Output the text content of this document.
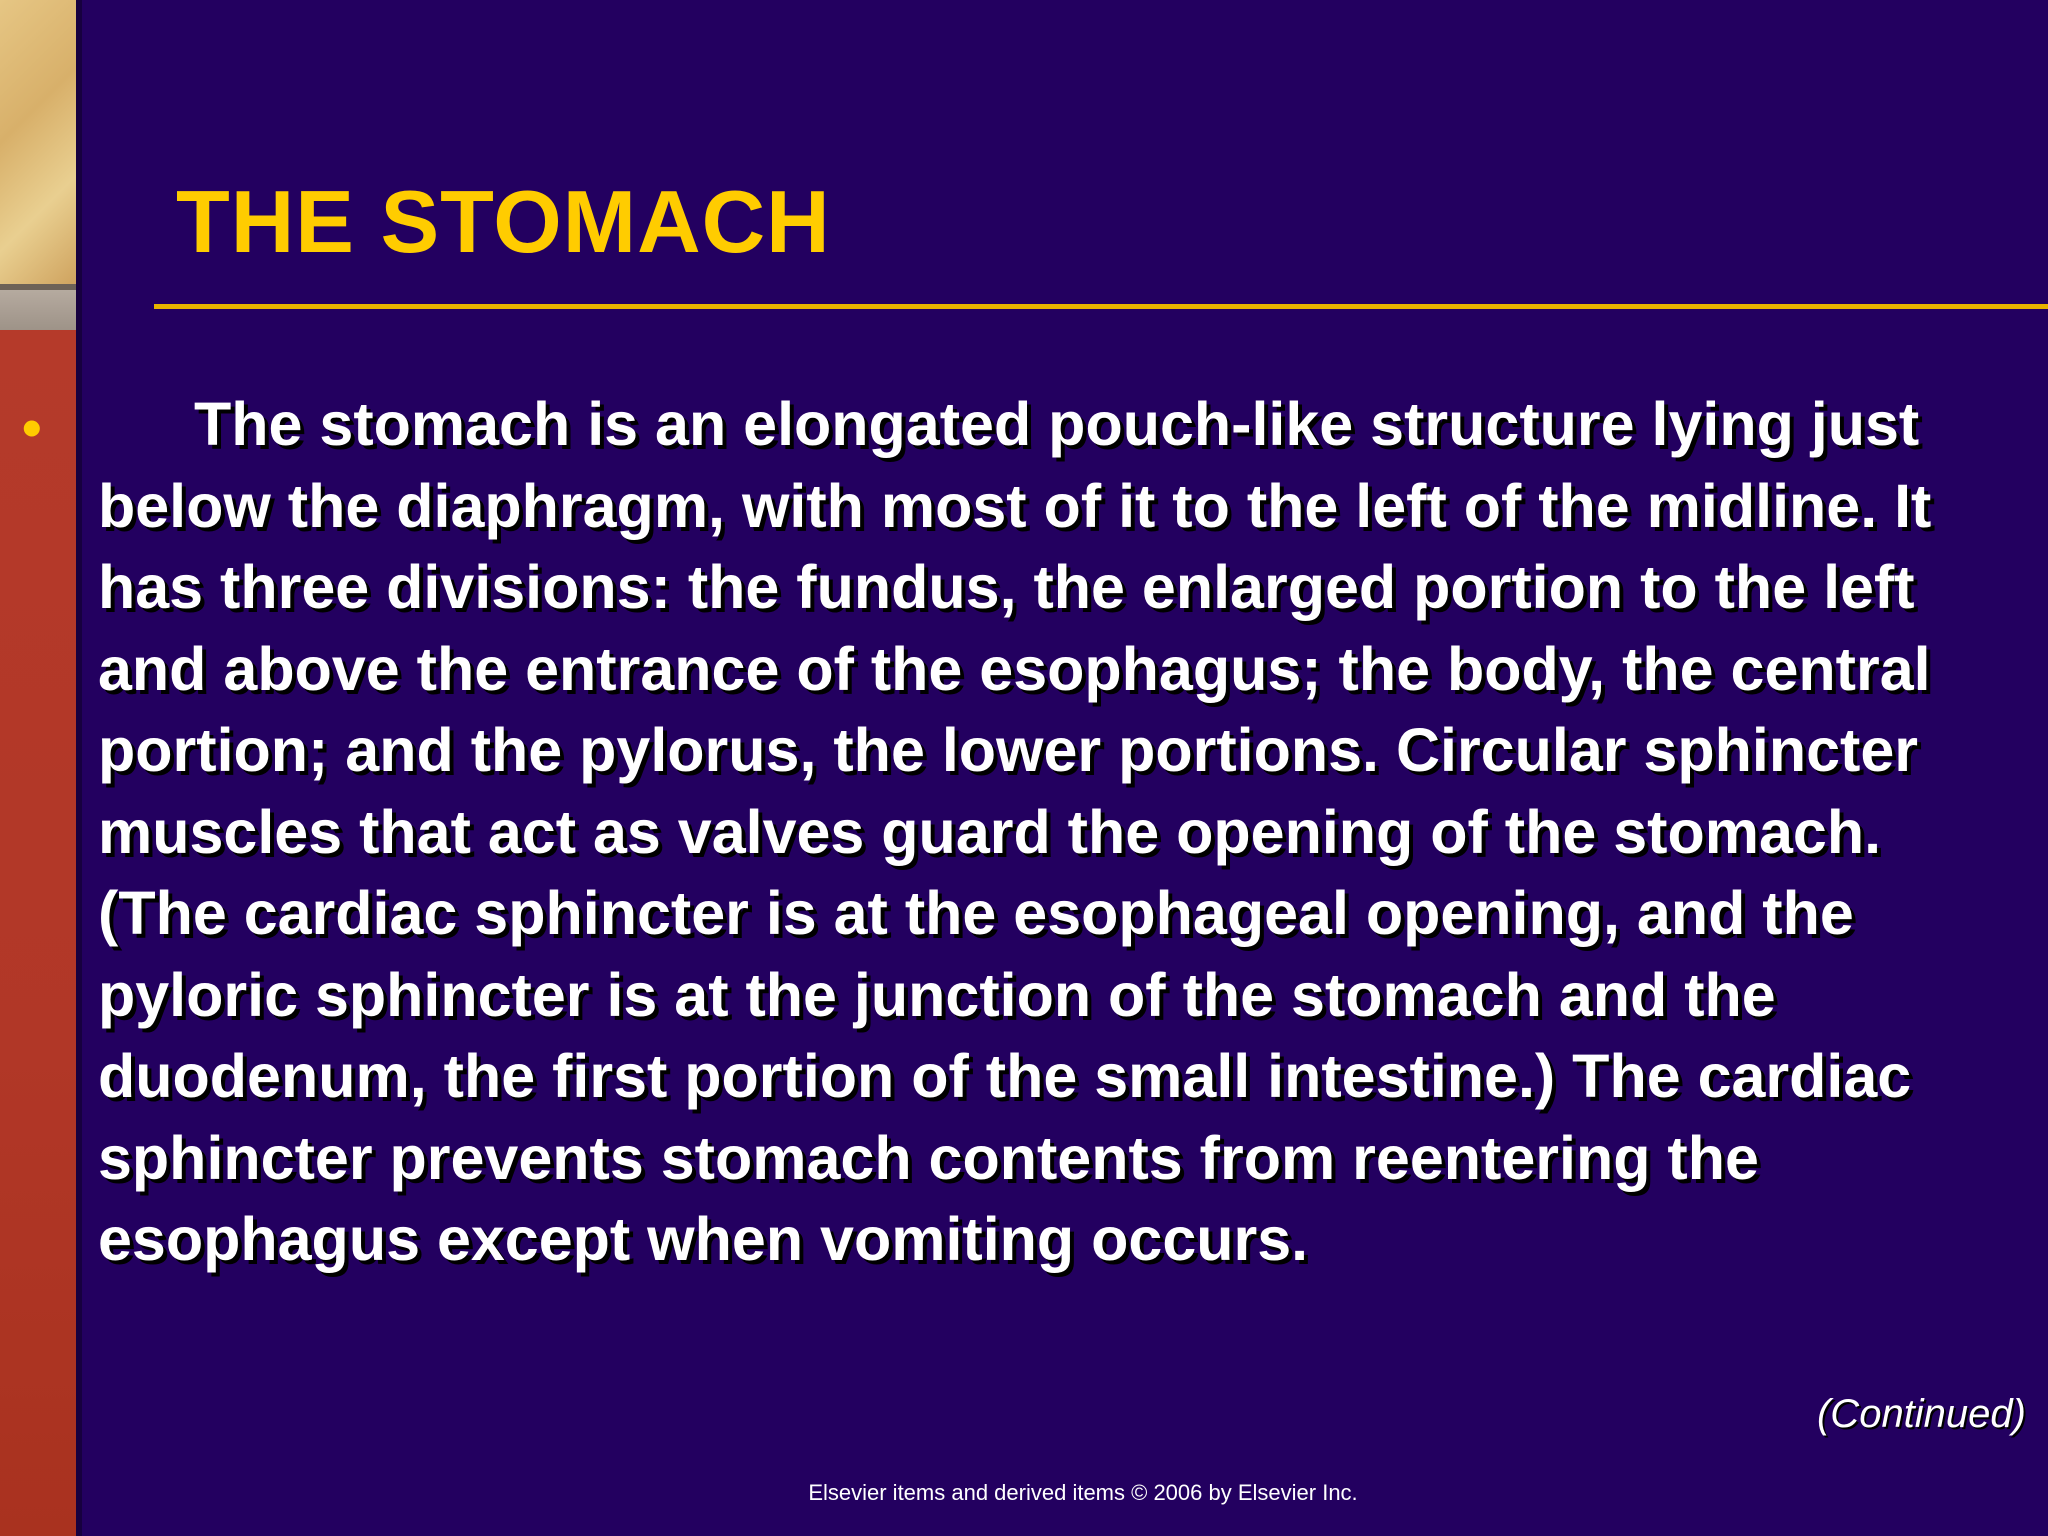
THE STOMACH
•	The stomach is an elongated pouch-like structure lying just below the diaphragm, with most of it to the left of the midline. It has three divisions: the fundus, the enlarged portion to the left and above the entrance of the esophagus; the body, the central portion; and the pylorus, the lower portions. Circular sphincter muscles that act as valves guard the opening of the stomach. (The cardiac sphincter is at the esophageal opening, and the pyloric sphincter is at the junction of the stomach and the duodenum, the first portion of the small intestine.) The cardiac sphincter prevents stomach contents from reentering the esophagus except when vomiting occurs.

(Continued)
Elsevier items and derived items © 2006 by Elsevier Inc.
